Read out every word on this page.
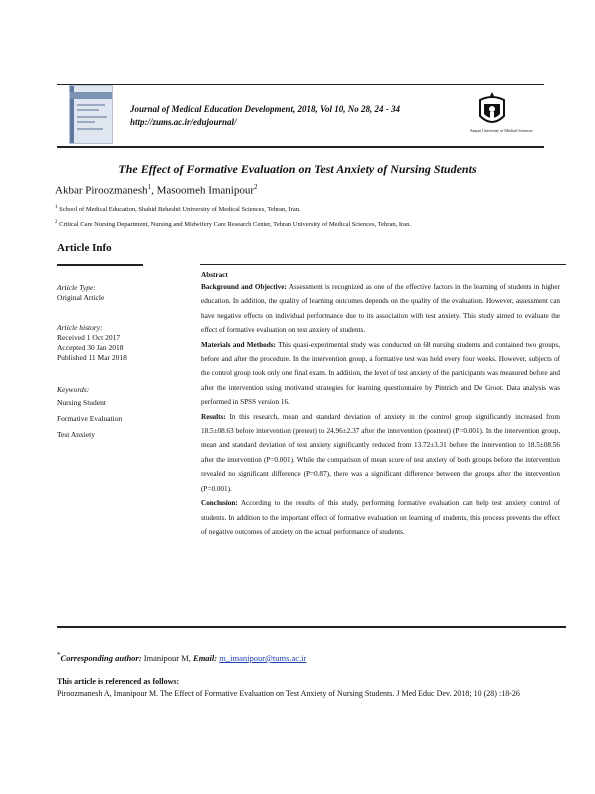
Journal of Medical Education Development, 2018, Vol 10, No 28, 24 - 34
http://zums.ac.ir/edujournal/
Zanjan University of Medical Sciences
The Effect of Formative Evaluation on Test Anxiety of Nursing Students
Akbar Piroozmanesh$^1$, Masoomeh Imanipour$^2$
$^1$ School of Medical Education, Shahid Beheshti University of Medical Sciences, Tehran, Iran.
$^2$ Critical Care Nursing Department, Nursing and Midwifery Care Research Center, Tehran University of Medical Sciences, Tehran, Iran.
Article Info
Article Type:
Original Article
Article history:
Received 1 Oct 2017
Accepted 30 Jan 2018
Published 11 Mar 2018
Keywords:
Nursing Student
Formative Evaluation
Test Anxiety

Abstract

Background and Objective: Assessment is recognized as one of the effective factors in the learning of students in higher education. In addition, the quality of learning outcomes depends on the quality of the evaluation. However, assessment can have negative effects on individual performance due to its association with test anxiety. This study aimed to evaluate the effect of formative evaluation on test anxiety of students.

Materials and Methods: This quasi-experimental study was conducted on 68 nursing students and contained two groups, before and after the procedure. In the intervention group, a formative test was held every four weeks. However, subjects of the control group took only one final exam. In addition, the level of test anxiety of the participants was measured before and after the intervention using motivated strategies for learning questionnaire by Pintrich and De Groot. Data analysis was performed in SPSS version 16.

Results: In this research, mean and standard deviation of anxiety in the control group significantly increased from 18.5±08.63 before intervention (pretest) to 24.96±2.37 after the intervention (posttest) (P=0.001). In the intervention group, mean and standard deviation of test anxiety significantly reduced from 13.72±3.31 before the intervention to 18.5±08.56 after the intervention (P=0.001). While the comparison of mean score of test anxiety of both groups before the intervention revealed no significant difference (P=0.87), there was a significant difference between the groups after the intervention (P=0.001).

Conclusion: According to the results of this study, performing formative evaluation can help test anxiety control of students. In addition to the important effect of formative evaluation on learning of students, this process prevents the effect of negative outcomes of anxiety on the actual performance of students.

*Corresponding author: Imanipour M, Email: m_imanipour@tums.ac.ir
This article is referenced as follows:
Piroozmanesh A, Imanipour M. The Effect of Formative Evaluation on Test Anxiety of Nursing Students. J Med Educ Dev. 2018; 10 (28) :18-26
